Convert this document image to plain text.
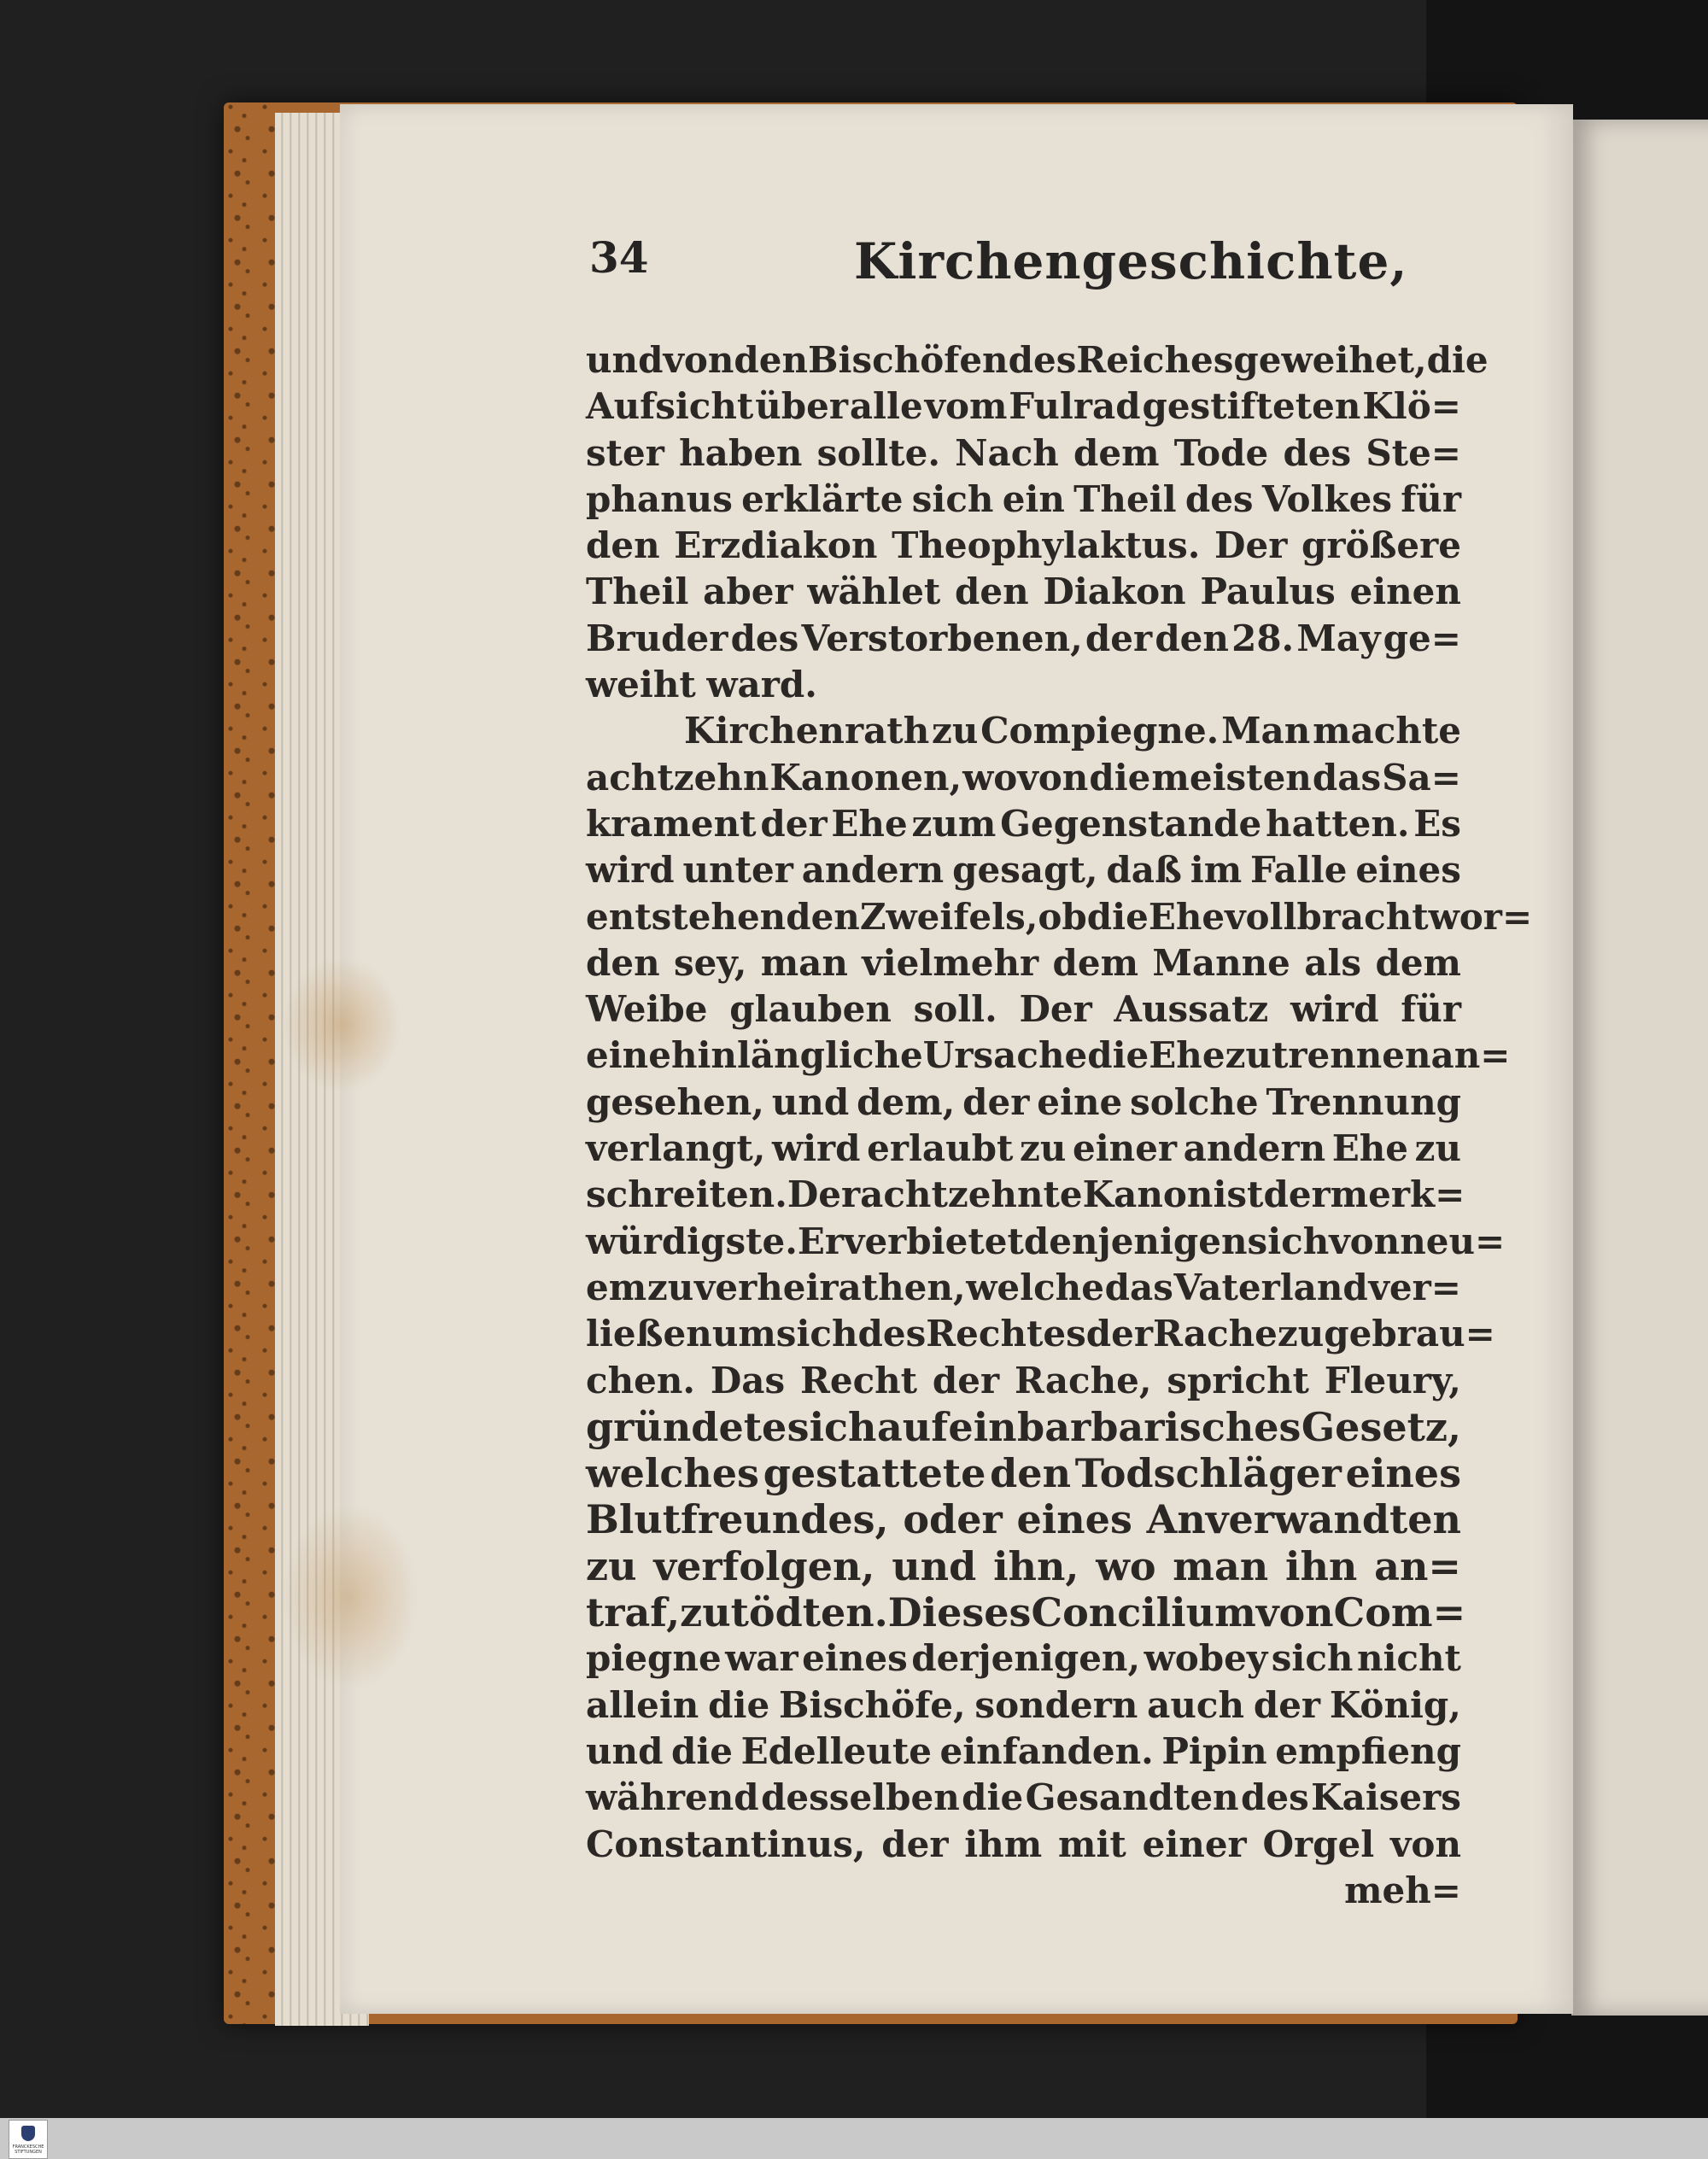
34	Kirchengeschichte,
und von den Bischöfen des Reiches geweihet, die
Aufsicht über alle vom Fulrad gestifteten Klö=
ster haben sollte. Nach dem Tode des Ste=
phanus erklärte sich ein Theil des Volkes für
den Erzdiakon Theophylaktus. Der größere
Theil aber wählet den Diakon Paulus einen
Bruder des Verstorbenen, der den 28. May ge=
weiht ward.
Kirchenrath zu Compiegne. Man machte
achtzehn Kanonen, wovon die meisten das Sa=
krament der Ehe zum Gegenstande hatten. Es
wird unter andern gesagt, daß im Falle eines
entstehenden Zweifels, ob die Ehe vollbracht wor=
den sey, man vielmehr dem Manne als dem
Weibe glauben soll. Der Aussatz wird für
eine hinlängliche Ursache die Ehe zu trennen an=
gesehen, und dem, der eine solche Trennung
verlangt, wird erlaubt zu einer andern Ehe zu
schreiten. Der achtzehnte Kanon ist der merk=
würdigste. Er verbietet denjenigen sich von neu=
em zu verheirathen, welche das Vaterland ver=
ließen um sich des Rechtes der Rache zu gebrau=
chen. Das Recht der Rache, spricht Fleury,
gründete sich auf ein barbarisches Gesetz,
welches gestattete den Todschläger eines
Blutfreundes, oder eines Anverwandten
zu verfolgen, und ihn, wo man ihn an=
traf, zu tödten. Dieses Concilium von Com=
piegne war eines derjenigen, wobey sich nicht
allein die Bischöfe, sondern auch der König,
und die Edelleute einfanden. Pipin empfieng
während desselben die Gesandten des Kaisers
Constantinus, der ihm mit einer Orgel von
meh=
FRANCKESCHE STIFTUNGEN
